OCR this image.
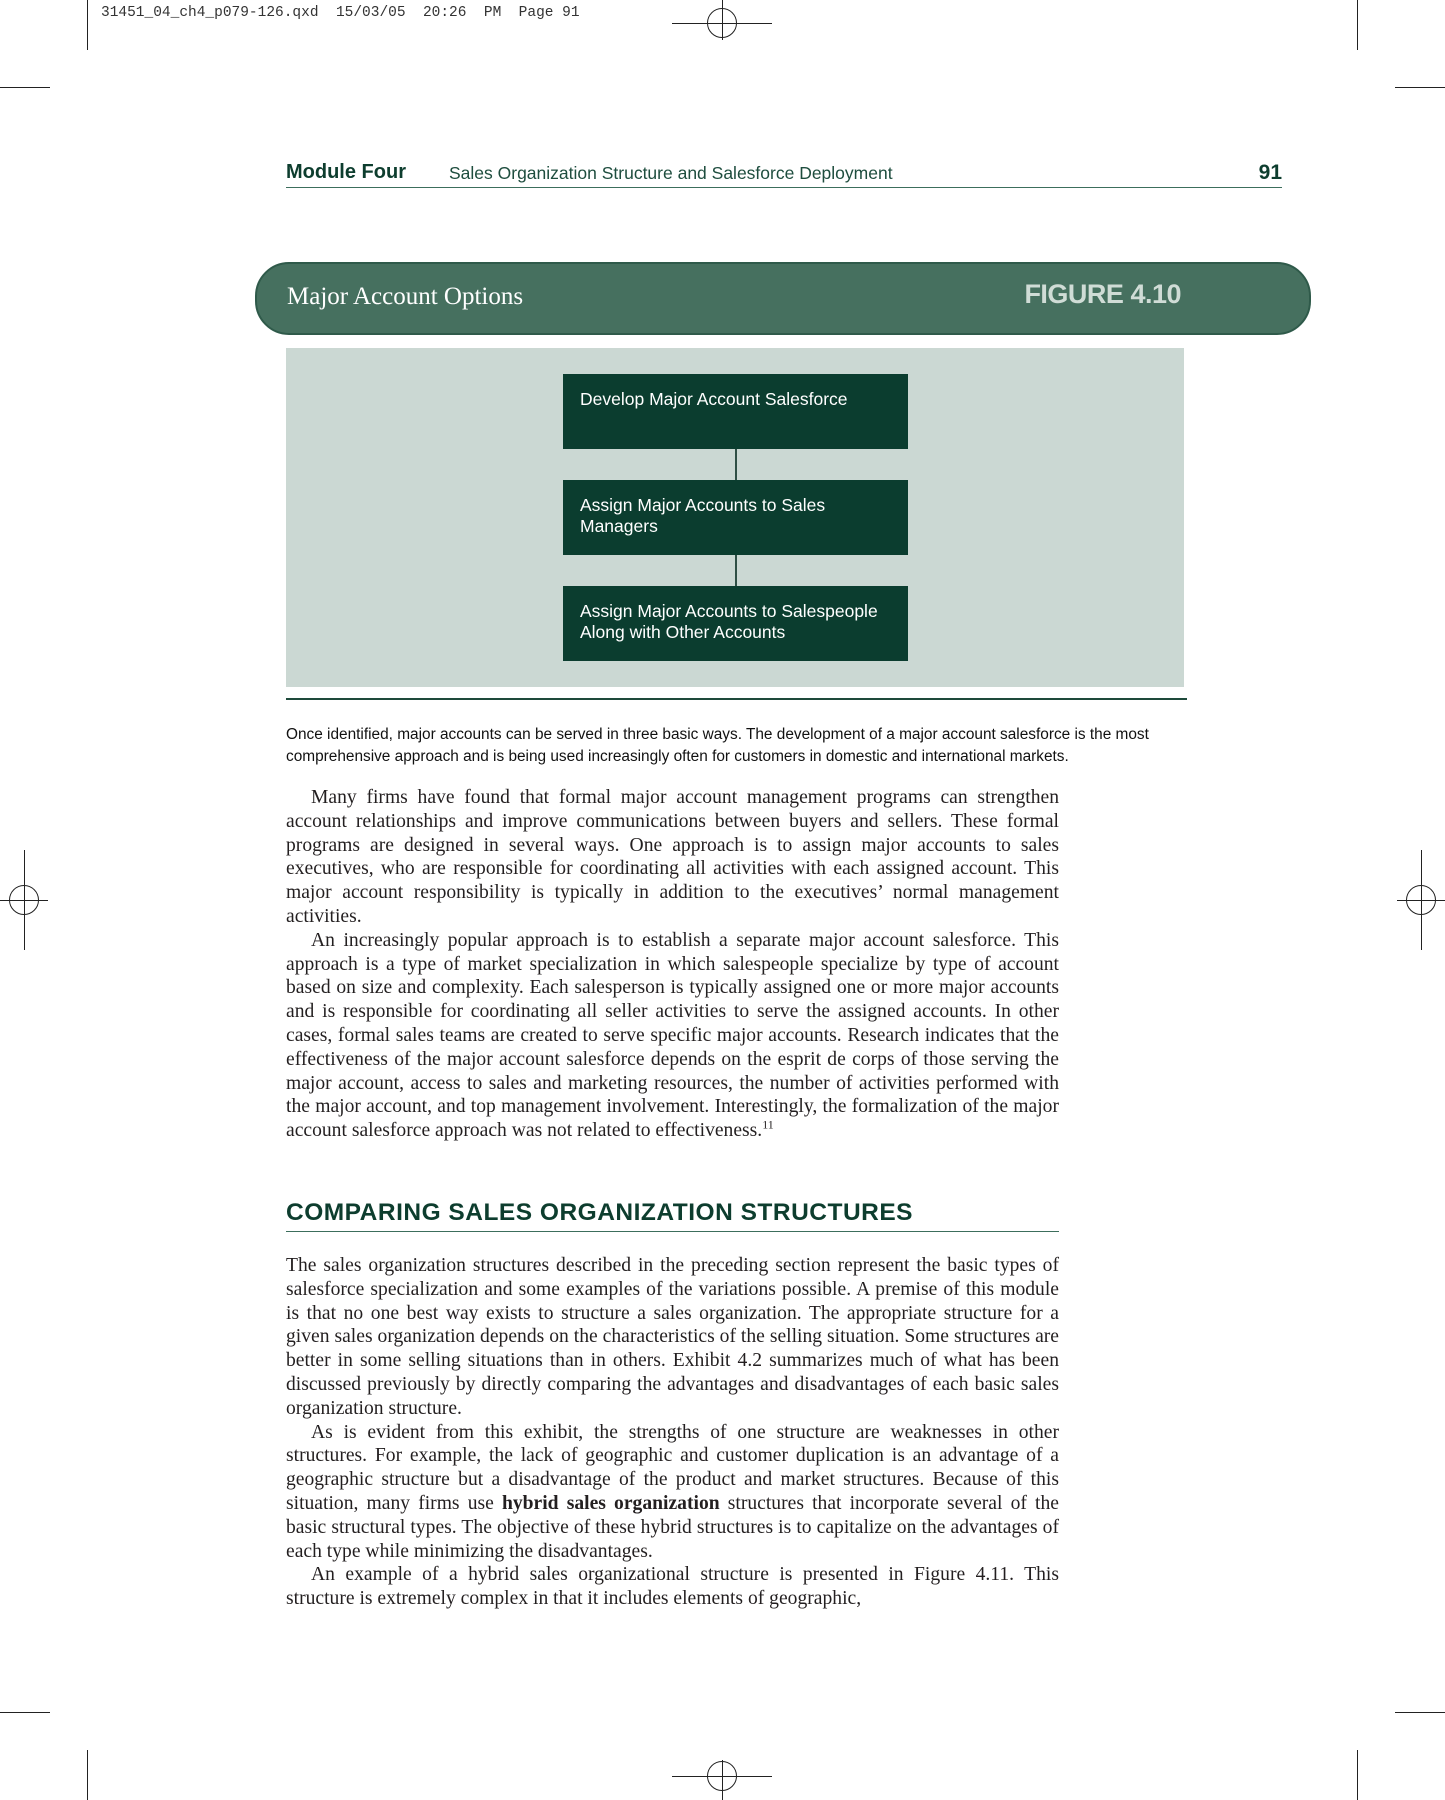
31451_04_ch4_p079-126.qxd  15/03/05  20:26  PM  Page 91
Module Four Sales Organization Structure and Salesforce Deployment	91
Major Account Options	FIGURE 4.10
Develop Major Account Salesforce
Assign Major Accounts to Sales Managers
Assign Major Accounts to Salespeople Along with Other Accounts
Once identified, major accounts can be served in three basic ways. The development of a major account salesforce is the most comprehensive approach and is being used increasingly often for customers in domestic and international markets.

Many firms have found that formal major account management programs can strengthen account relationships and improve communications between buyers and sellers. These formal programs are designed in several ways. One approach is to assign major accounts to sales executives, who are responsible for coordinating all activities with each assigned account. This major account responsibility is typically in addition to the executives’ normal management activities.

An increasingly popular approach is to establish a separate major account salesforce. This approach is a type of market specialization in which salespeople specialize by type of account based on size and complexity. Each salesperson is typically assigned one or more major accounts and is responsible for coordinating all seller activities to serve the assigned accounts. In other cases, formal sales teams are created to serve specific major accounts. Research indicates that the effectiveness of the major account salesforce depends on the esprit de corps of those serving the major account, access to sales and marketing resources, the number of activities performed with the major account, and top management involvement. Interestingly, the formalization of the major account salesforce approach was not related to effectiveness.$^{11}$

COMPARING SALES ORGANIZATION STRUCTURES

The sales organization structures described in the preceding section represent the basic types of salesforce specialization and some examples of the variations possible. A premise of this module is that no one best way exists to structure a sales organization. The appropriate structure for a given sales organization depends on the characteristics of the selling situation. Some structures are better in some selling situations than in others. Exhibit 4.2 summarizes much of what has been discussed previously by directly comparing the advantages and disadvantages of each basic sales organization structure.

As is evident from this exhibit, the strengths of one structure are weaknesses in other structures. For example, the lack of geographic and customer duplication is an advantage of a geographic structure but a disadvantage of the product and market structures. Because of this situation, many firms use hybrid sales organization structures that incorporate several of the basic structural types. The objective of these hybrid structures is to capitalize on the advantages of each type while minimizing the disadvantages.

An example of a hybrid sales organizational structure is presented in Figure 4.11. This structure is extremely complex in that it includes elements of geographic,
